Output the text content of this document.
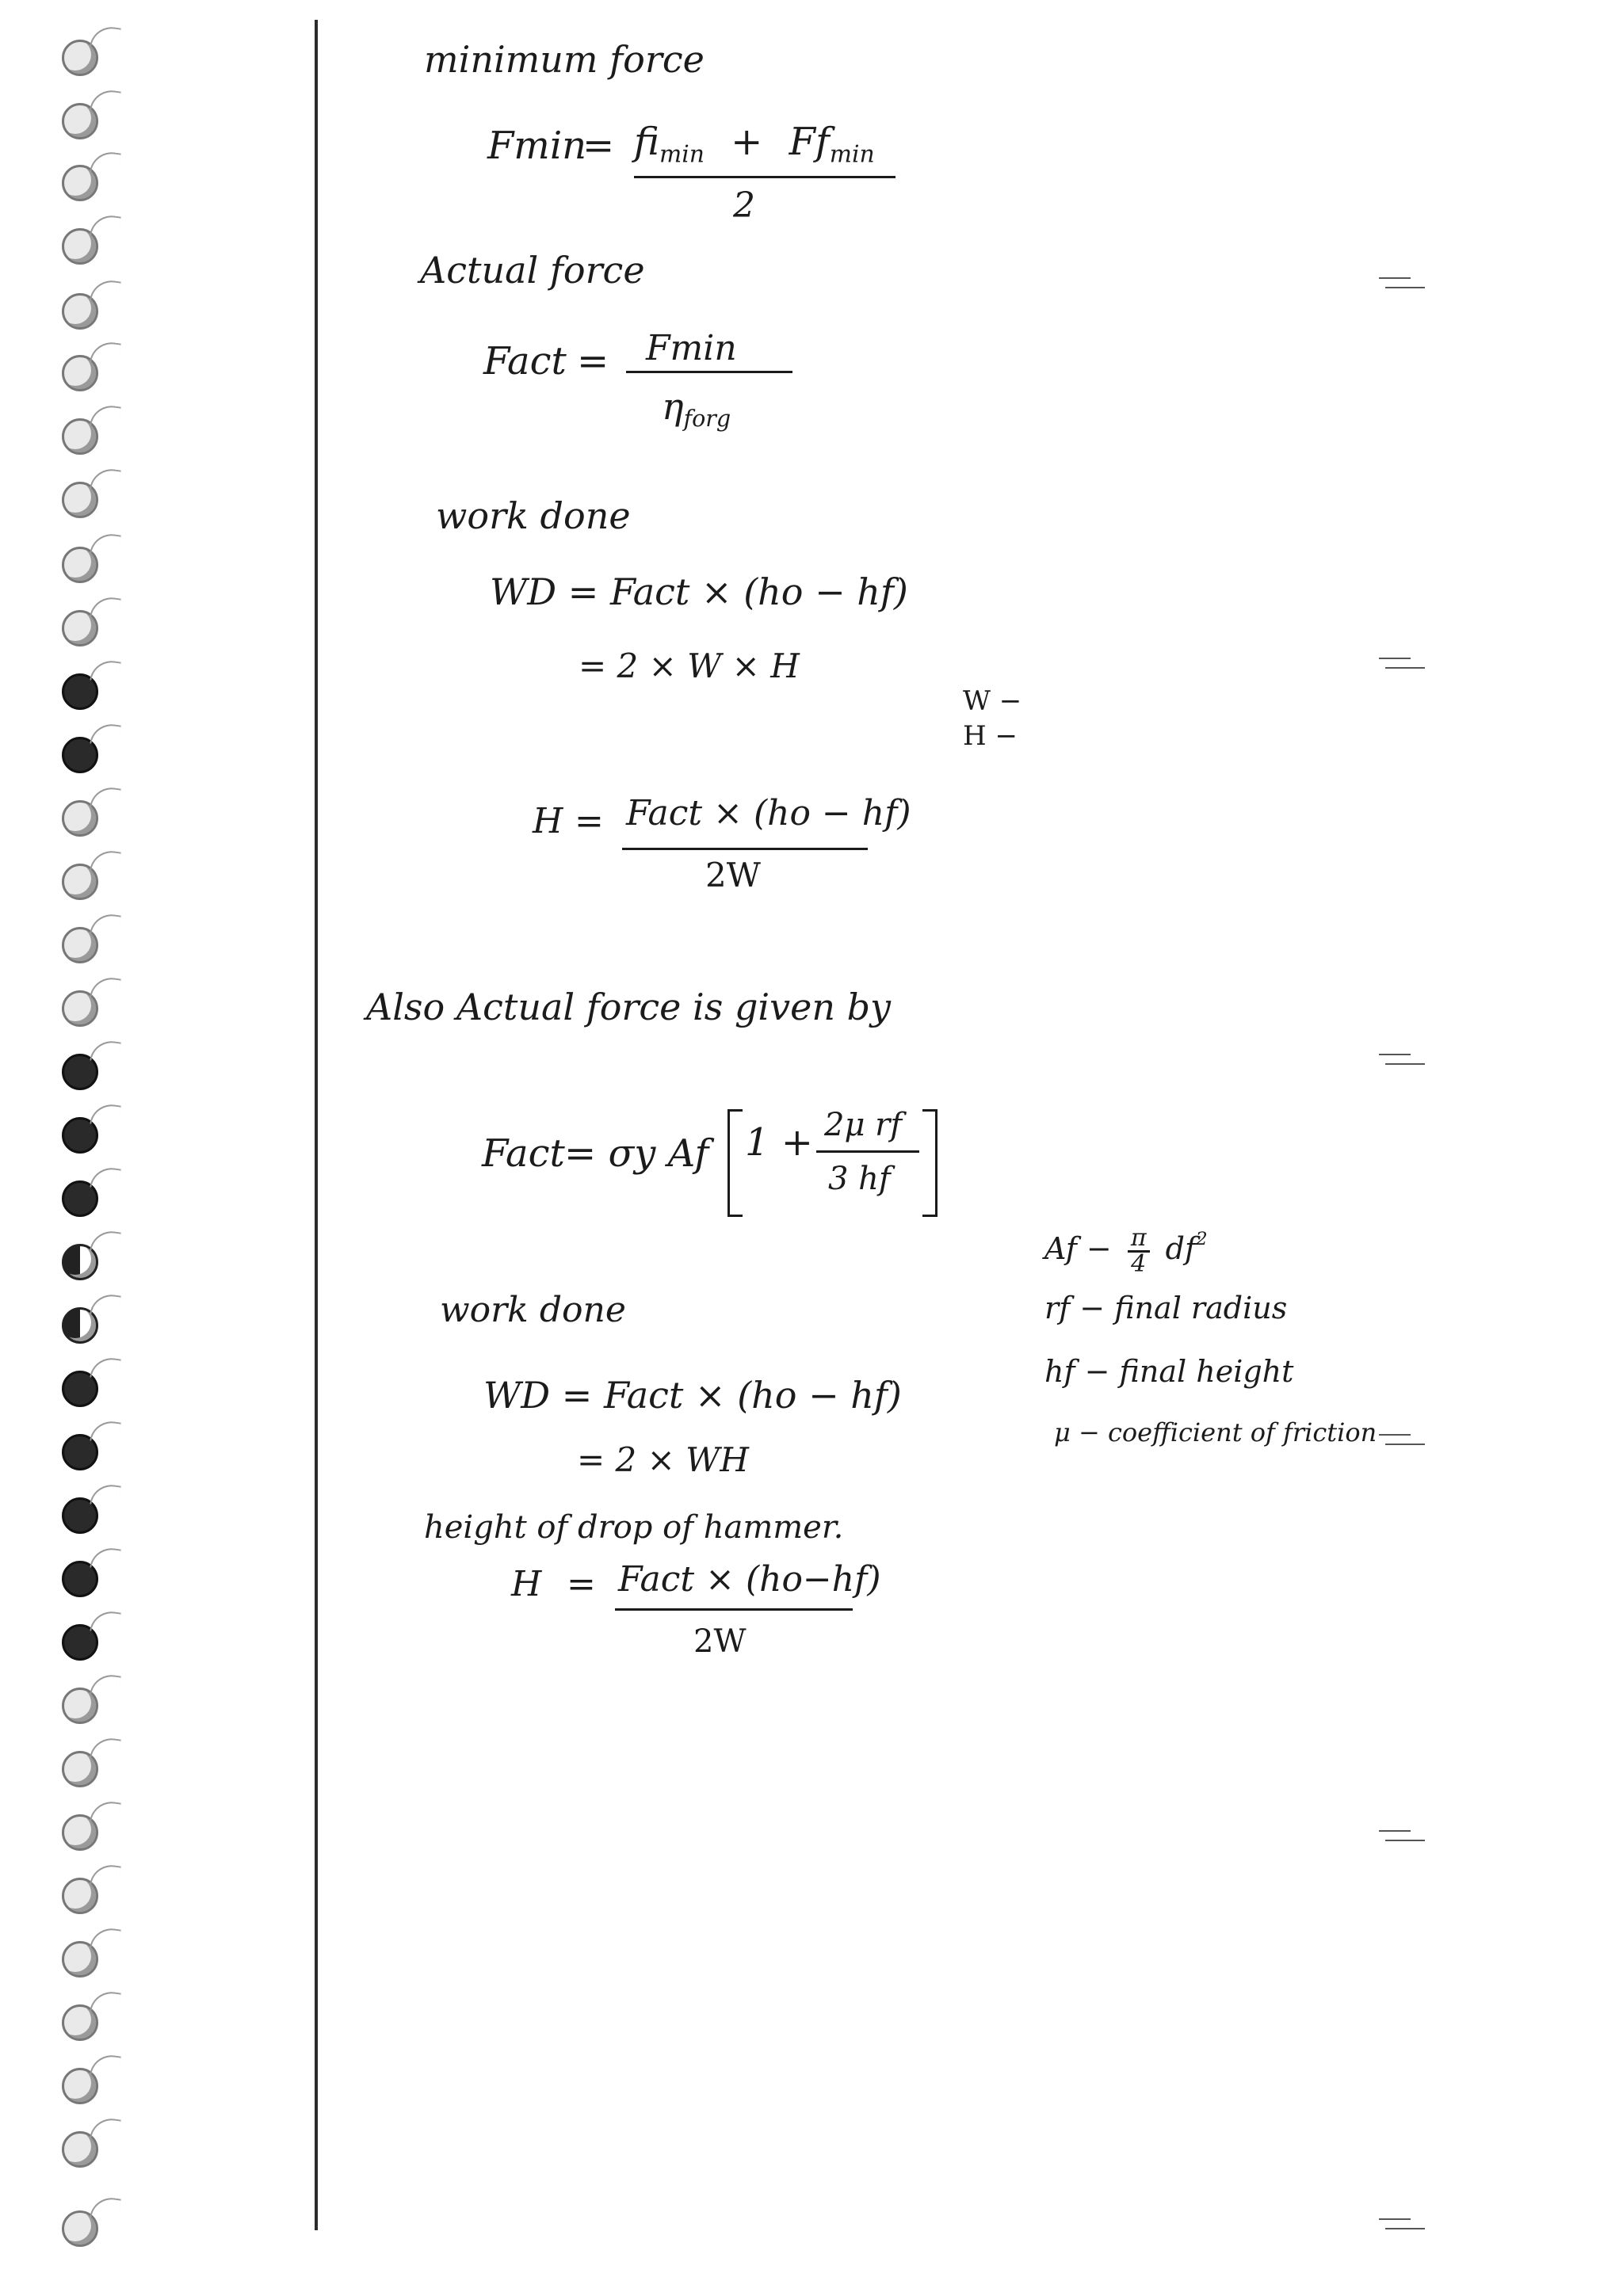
minimum force
Fmin
= $fi_{min} + Ff_{min}$
2
Actual force
Fact = Fmin
$\eta_{forg}$
work done
WD = Fact × (ho − hf)
= 2 × W × H
W −
H −
H = Fact × (ho − hf)
2W
Also Actual force is given by
Fact = σy Af 1 + 2μ rf
3 hf
$Af - \frac{\pi}{4} df^2$
rf − final radius
hf − final height
μ − coefficient of friction
work done
WD = Fact × (ho − hf)
= 2 × WH
height of drop of hammer.
H = Fact × (ho−hf)
2W
